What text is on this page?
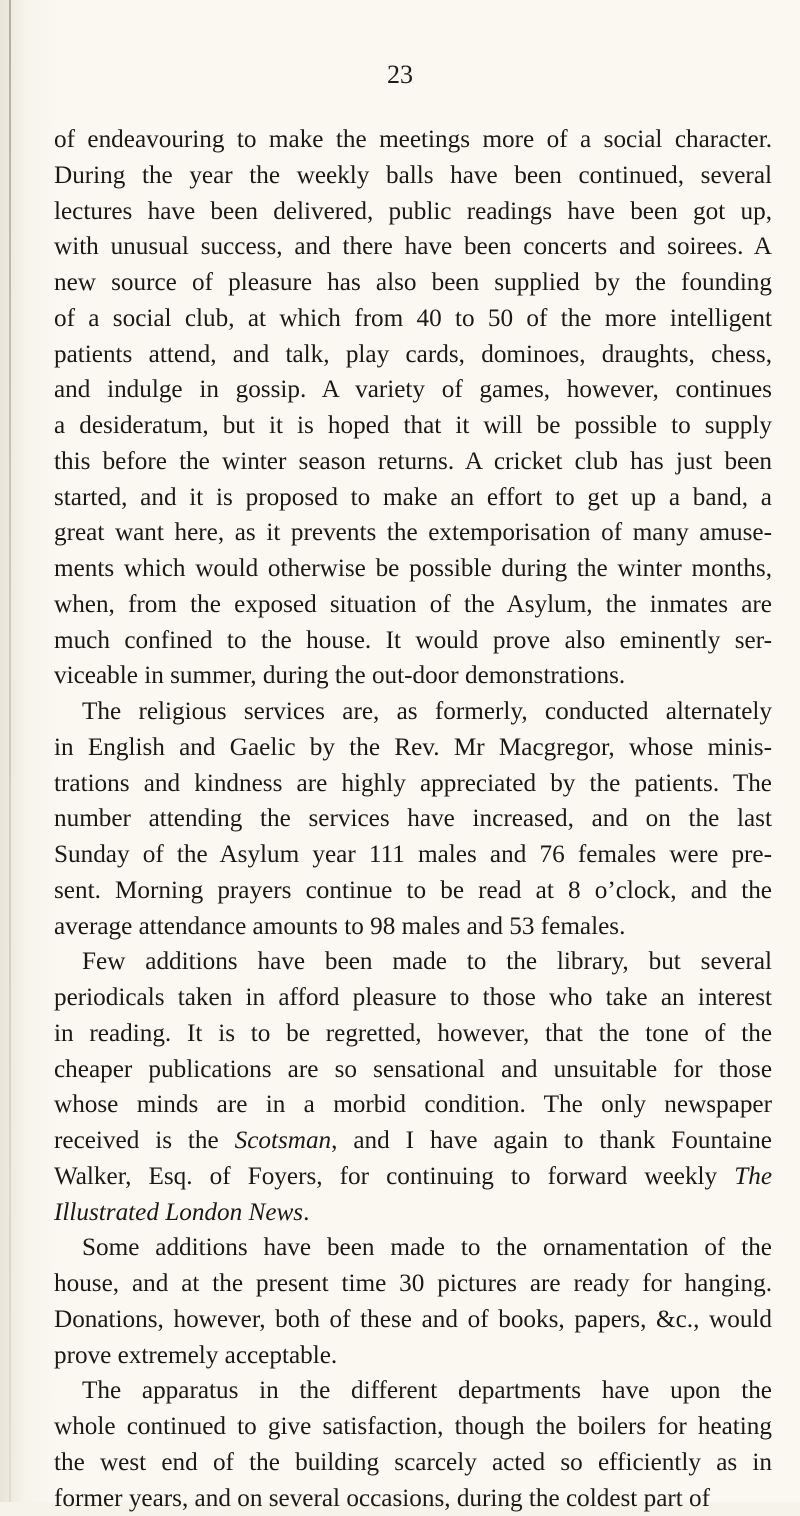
23

of endeavouring to make the meetings more of a social character.
During the year the weekly balls have been continued, several
lectures have been delivered, public readings have been got up,
with unusual success, and there have been concerts and soirees. A
new source of pleasure has also been supplied by the founding
of a social club, at which from 40 to 50 of the more intelligent
patients attend, and talk, play cards, dominoes, draughts, chess,
and indulge in gossip. A variety of games, however, continues
a desideratum, but it is hoped that it will be possible to supply
this before the winter season returns. A cricket club has just been
started, and it is proposed to make an effort to get up a band, a
great want here, as it prevents the extemporisation of many amuse-
ments which would otherwise be possible during the winter months,
when, from the exposed situation of the Asylum, the inmates are
much confined to the house. It would prove also eminently ser-
viceable in summer, during the out-door demonstrations.

The religious services are, as formerly, conducted alternately
in English and Gaelic by the Rev. Mr Macgregor, whose minis-
trations and kindness are highly appreciated by the patients. The
number attending the services have increased, and on the last
Sunday of the Asylum year 111 males and 76 females were pre-
sent. Morning prayers continue to be read at 8 o’clock, and the
average attendance amounts to 98 males and 53 females.

Few additions have been made to the library, but several
periodicals taken in afford pleasure to those who take an interest
in reading. It is to be regretted, however, that the tone of the
cheaper publications are so sensational and unsuitable for those
whose minds are in a morbid condition. The only newspaper
received is the Scotsman, and I have again to thank Fountaine
Walker, Esq. of Foyers, for continuing to forward weekly The
Illustrated London News.

Some additions have been made to the ornamentation of the
house, and at the present time 30 pictures are ready for hanging.
Donations, however, both of these and of books, papers, &c., would
prove extremely acceptable.

The apparatus in the different departments have upon the
whole continued to give satisfaction, though the boilers for heating
the west end of the building scarcely acted so efficiently as in
former years, and on several occasions, during the coldest part of
